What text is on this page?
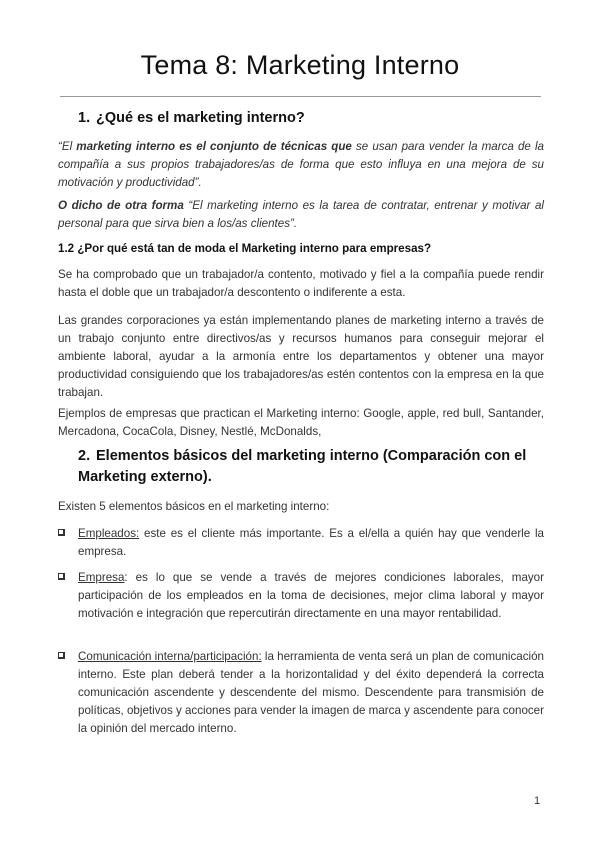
Tema 8: Marketing Interno
1. ¿Qué es el marketing interno?
“El marketing interno es el conjunto de técnicas que se usan para vender la marca de la compañía a sus propios trabajadores/as de forma que esto influya en una mejora de su motivación y productividad”.
O dicho de otra forma “El marketing interno es la tarea de contratar, entrenar y motivar al personal para que sirva bien a los/as clientes”.
1.2 ¿Por qué está tan de moda el Marketing interno para empresas?
Se ha comprobado que un trabajador/a contento, motivado y fiel a la compañía puede rendir hasta el doble que un trabajador/a descontento o indiferente a esta.
Las grandes corporaciones ya están implementando planes de marketing interno a través de un trabajo conjunto entre directivos/as y recursos humanos para conseguir mejorar el ambiente laboral, ayudar a la armonía entre los departamentos y obtener una mayor productividad consiguiendo que los trabajadores/as estén contentos con la empresa en la que trabajan.
Ejemplos de empresas que practican el Marketing interno: Google, apple, red bull, Santander, Mercadona, CocaCola, Disney, Nestlé, McDonalds,
2. Elementos básicos del marketing interno (Comparación con el Marketing externo).
Existen 5 elementos básicos en el marketing interno:
Empleados: este es el cliente más importante. Es a el/ella a quién hay que venderle la empresa.
Empresa: es lo que se vende a través de mejores condiciones laborales, mayor participación de los empleados en la toma de decisiones, mejor clima laboral y mayor motivación e integración que repercutirán directamente en una mayor rentabilidad.
Comunicación interna/participación: la herramienta de venta será un plan de comunicación interno. Este plan deberá tender a la horizontalidad y del éxito dependerá la correcta comunicación ascendente y descendente del mismo. Descendente para transmisión de políticas, objetivos y acciones para vender la imagen de marca y ascendente para conocer la opinión del mercado interno.
1
